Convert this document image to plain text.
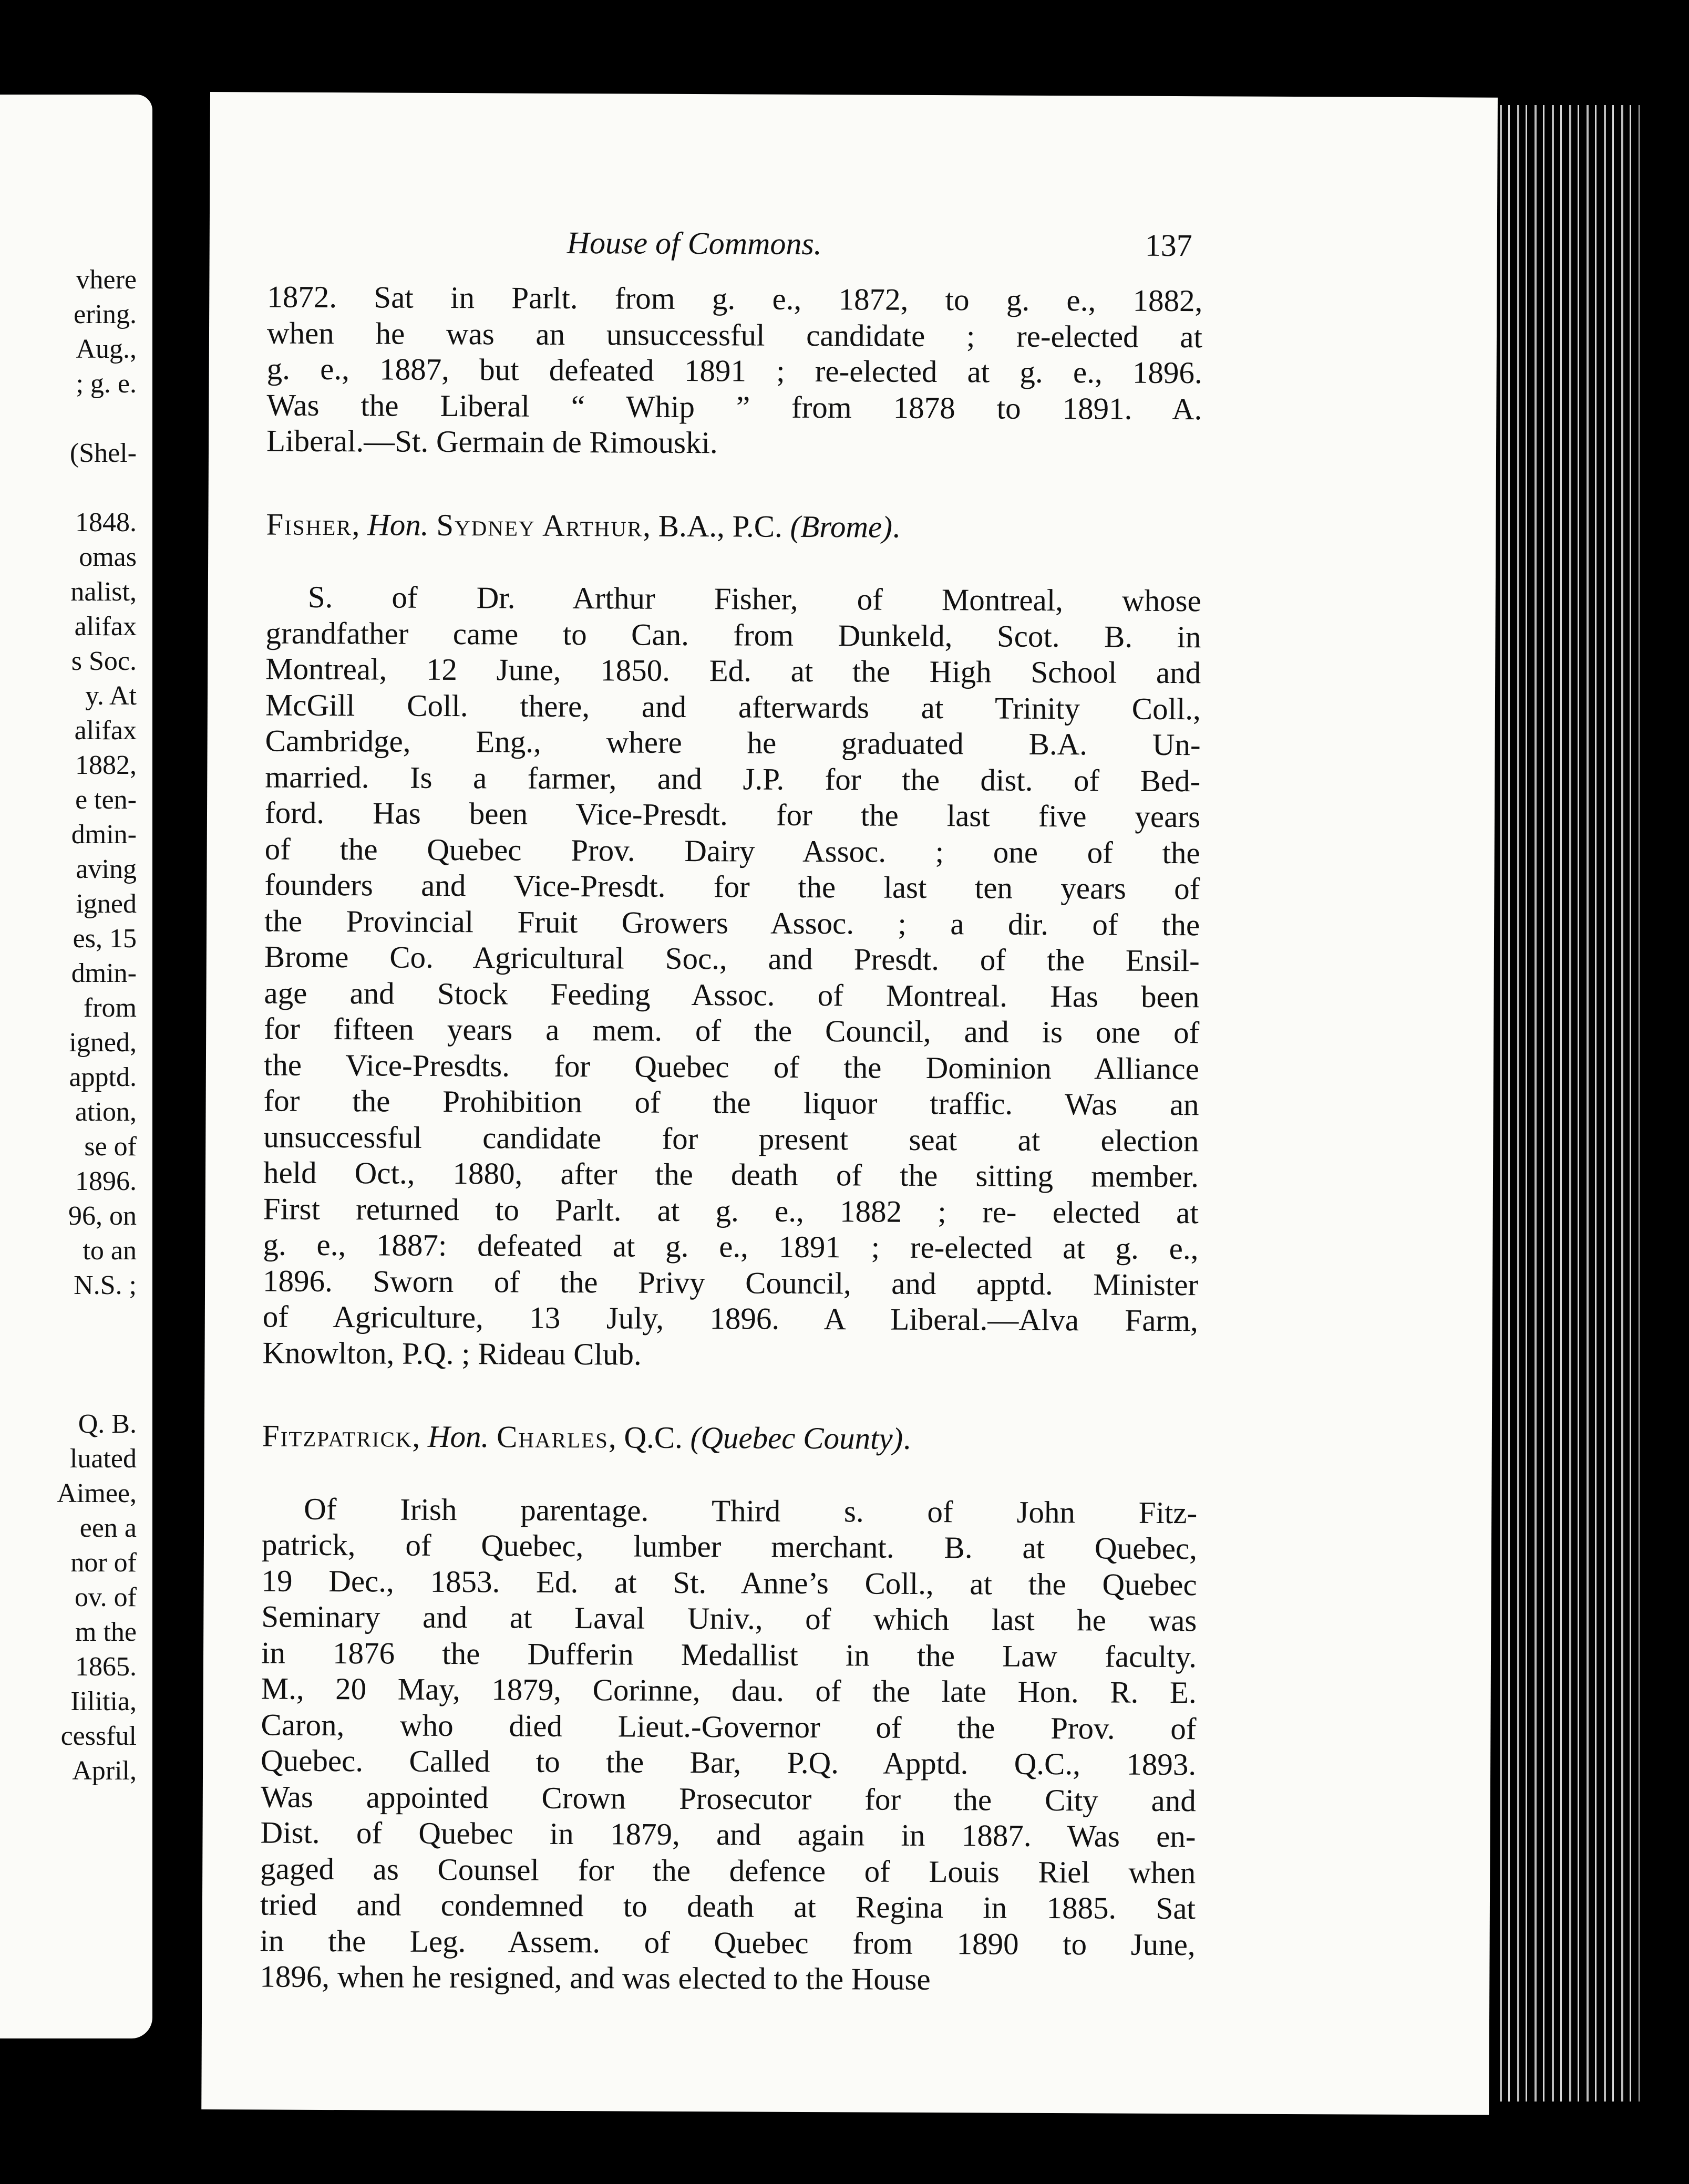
vhere
ering.
Aug.,
; g. e.
(Shel-
1848.
omas
nalist,
alifax
s Soc.
y. At
alifax
1882,
e ten-
dmin-
aving
igned
es, 15
dmin-
from
igned,
apptd.
ation,
se of
1896.
96, on
to an
N.S. ;
Q. B.
luated
Aimee,
een a
nor of
ov. of
m the
1865.
Iilitia,
cessful
April,
House of Commons.	137

1872. Sat in Parlt. from g. e., 1872, to g. e., 1882,
when he was an unsuccessful candidate ; re-elected at
g. e., 1887, but defeated 1891 ; re-elected at g. e., 1896.
Was the Liberal “ Whip ” from 1878 to 1891. A.
Liberal.—St. Germain de Rimouski.

Fisher, Hon. Sydney Arthur, B.A., P.C. (Brome).

S. of Dr. Arthur Fisher, of Montreal, whose
grandfather came to Can. from Dunkeld, Scot. B. in
Montreal, 12 June, 1850. Ed. at the High School and
McGill Coll. there, and afterwards at Trinity Coll.,
Cambridge, Eng., where he graduated B.A. Un-
married. Is a farmer, and J.P. for the dist. of Bed-
ford. Has been Vice-Presdt. for the last five years
of the Quebec Prov. Dairy Assoc. ; one of the
founders and Vice-Presdt. for the last ten years of
the Provincial Fruit Growers Assoc. ; a dir. of the
Brome Co. Agricultural Soc., and Presdt. of the Ensil-
age and Stock Feeding Assoc. of Montreal. Has been
for fifteen years a mem. of the Council, and is one of
the Vice-Presdts. for Quebec of the Dominion Alliance
for the Prohibition of the liquor traffic. Was an
unsuccessful candidate for present seat at election
held Oct., 1880, after the death of the sitting member.
First returned to Parlt. at g. e., 1882 ; re- elected at
g. e., 1887: defeated at g. e., 1891 ; re-elected at g. e.,
1896. Sworn of the Privy Council, and apptd. Minister
of Agriculture, 13 July, 1896. A Liberal.—Alva Farm,
Knowlton, P.Q. ; Rideau Club.

Fitzpatrick, Hon. Charles, Q.C. (Quebec County).

Of Irish parentage. Third s. of John Fitz-
patrick, of Quebec, lumber merchant. B. at Quebec,
19 Dec., 1853. Ed. at St. Anne’s Coll., at the Quebec
Seminary and at Laval Univ., of which last he was
in 1876 the Dufferin Medallist in the Law faculty.
M., 20 May, 1879, Corinne, dau. of the late Hon. R. E.
Caron, who died Lieut.-Governor of the Prov. of
Quebec. Called to the Bar, P.Q. Apptd. Q.C., 1893.
Was appointed Crown Prosecutor for the City and
Dist. of Quebec in 1879, and again in 1887. Was en-
gaged as Counsel for the defence of Louis Riel when
tried and condemned to death at Regina in 1885. Sat
in the Leg. Assem. of Quebec from 1890 to June,
1896, when he resigned, and was elected to the House
